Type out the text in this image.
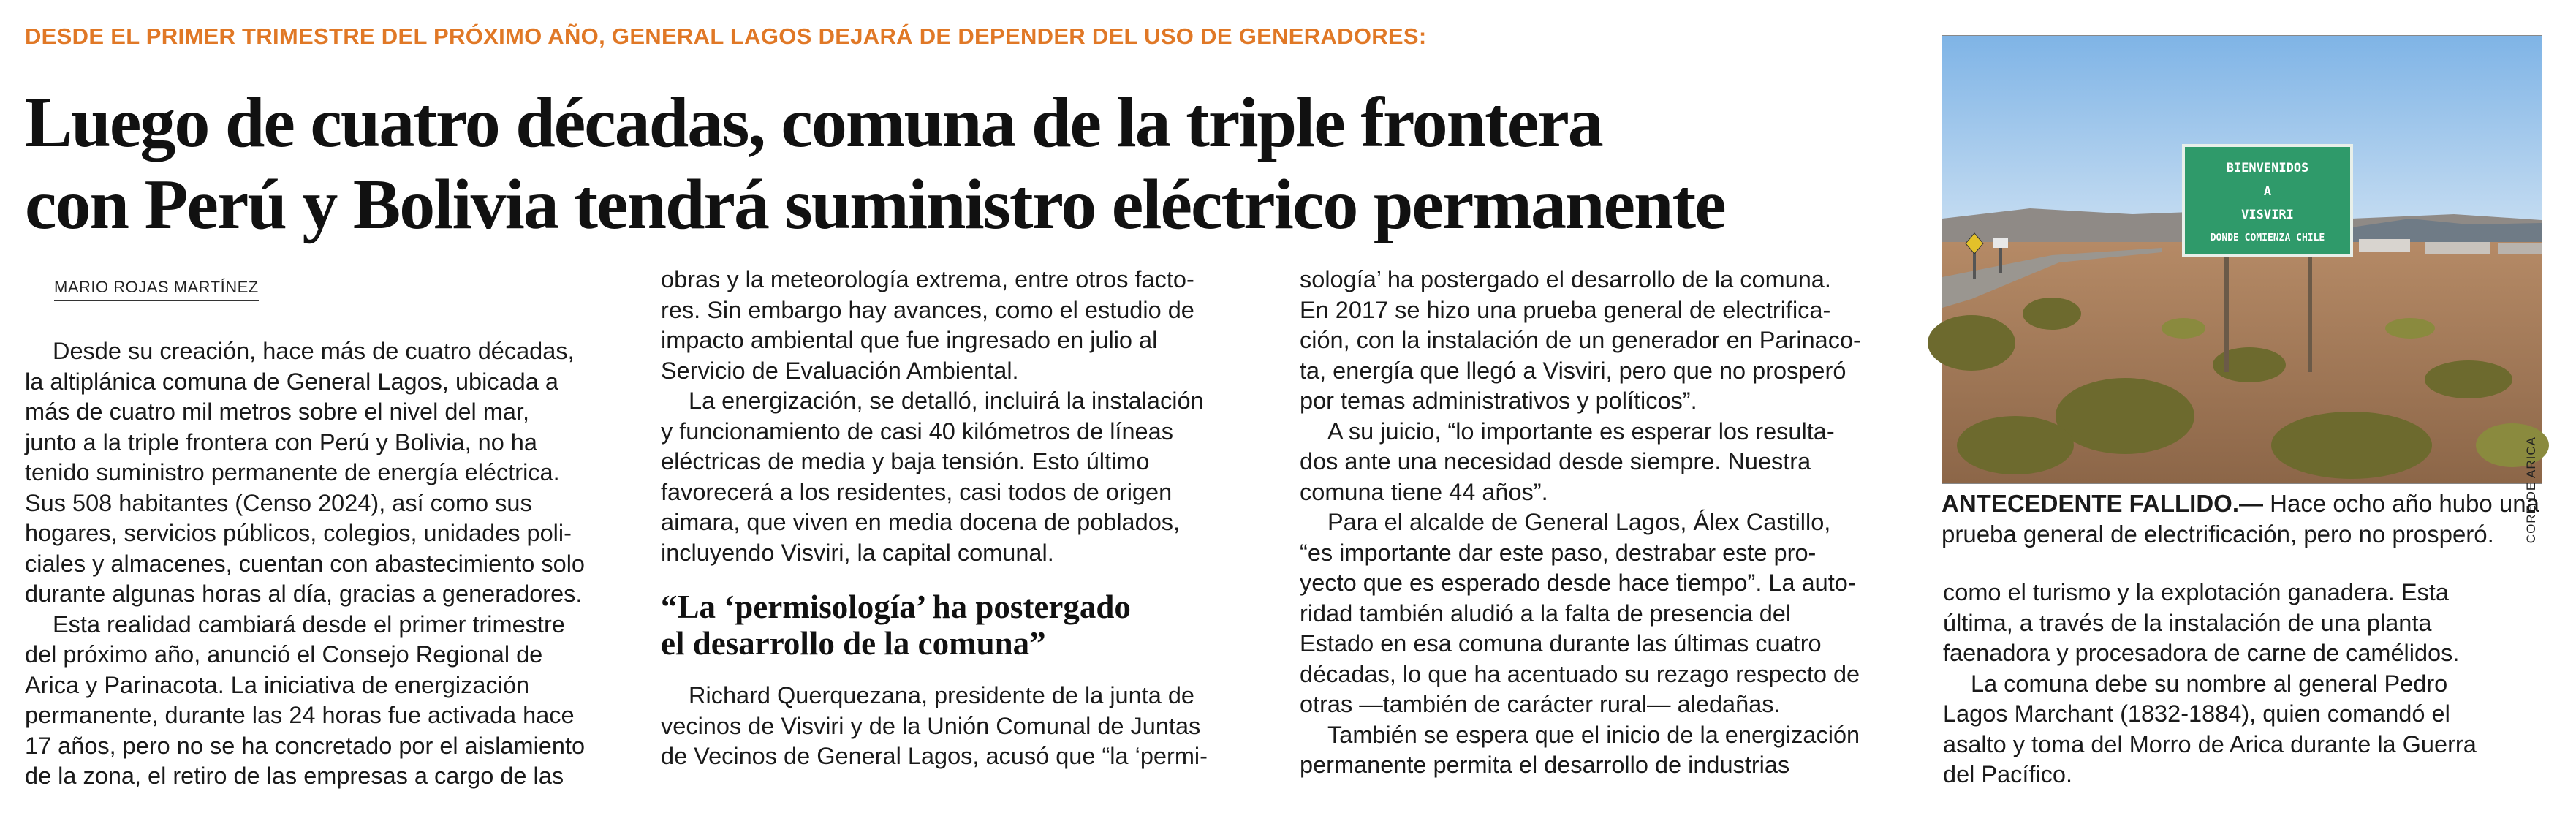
DESDE EL PRIMER TRIMESTRE DEL PRÓXIMO AÑO, GENERAL LAGOS DEJARÁ DE DEPENDER DEL USO DE GENERADORES:
Luego de cuatro décadas, comuna de la triple frontera
con Perú y Bolivia tendrá suministro eléctrico permanente
MARIO ROJAS MARTÍNEZ

Desde su creación, hace más de cuatro décadas,

la altiplánica comuna de General Lagos, ubicada a

más de cuatro mil metros sobre el nivel del mar,

junto a la triple frontera con Perú y Bolivia, no ha

tenido suministro permanente de energía eléctrica.

Sus 508 habitantes (Censo 2024), así como sus

hogares, servicios públicos, colegios, unidades poli-

ciales y almacenes, cuentan con abastecimiento solo

durante algunas horas al día, gracias a generadores.

Esta realidad cambiará desde el primer trimestre

del próximo año, anunció el Consejo Regional de

Arica y Parinacota. La iniciativa de energización

permanente, durante las 24 horas fue activada hace

17 años, pero no se ha concretado por el aislamiento

de la zona, el retiro de las empresas a cargo de las

obras y la meteorología extrema, entre otros facto-

res. Sin embargo hay avances, como el estudio de

impacto ambiental que fue ingresado en julio al

Servicio de Evaluación Ambiental.

La energización, se detalló, incluirá la instalación

y funcionamiento de casi 40 kilómetros de líneas

eléctricas de media y baja tensión. Esto último

favorecerá a los residentes, casi todos de origen

aimara, que viven en media docena de poblados,

incluyendo Visviri, la capital comunal.

“La ‘permisología’ ha postergado
el desarrollo de la comuna”

Richard Querquezana, presidente de la junta de

vecinos de Visviri y de la Unión Comunal de Juntas

de Vecinos de General Lagos, acusó que “la ‘permi-

sología’ ha postergado el desarrollo de la comuna.

En 2017 se hizo una prueba general de electrifica-

ción, con la instalación de un generador en Parinaco-

ta, energía que llegó a Visviri, pero que no prosperó

por temas administrativos y políticos”.

A su juicio, “lo importante es esperar los resulta-

dos ante una necesidad desde siempre. Nuestra

comuna tiene 44 años”.

Para el alcalde de General Lagos, Álex Castillo,

“es importante dar este paso, destrabar este pro-

yecto que es esperado desde hace tiempo”. La auto-

ridad también aludió a la falta de presencia del

Estado en esa comuna durante las últimas cuatro

décadas, lo que ha acentuado su rezago respecto de

otras —también de carácter rural— aledañas.

También se espera que el inicio de la energización

permanente permita el desarrollo de industrias

BIENVENIDOS
A
VISVIRI
DONDE COMIENZA CHILE
CORE DE ARICA

ANTECEDENTE FALLIDO.— Hace ocho año hubo una

prueba general de electrificación, pero no prosperó.

como el turismo y la explotación ganadera. Esta

última, a través de la instalación de una planta

faenadora y procesadora de carne de camélidos.

La comuna debe su nombre al general Pedro

Lagos Marchant (1832-1884), quien comandó el

asalto y toma del Morro de Arica durante la Guerra

del Pacífico.
